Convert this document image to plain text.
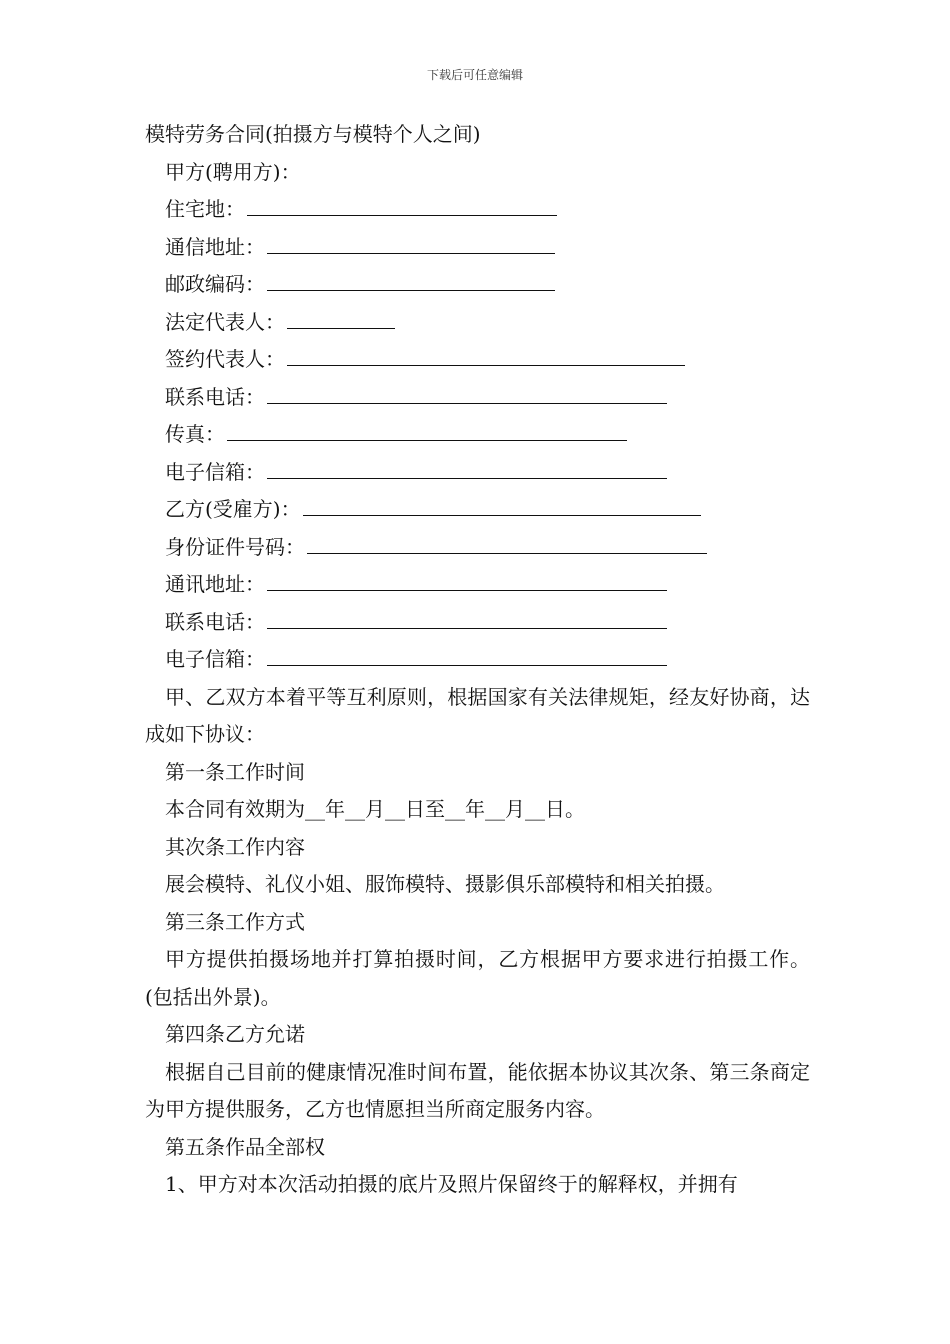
下载后可任意编辑
模特劳务合同(拍摄方与模特个人之间)
甲方(聘用方)：
住宅地：
通信地址：
邮政编码：
法定代表人：
签约代表人：
联系电话：
传真：
电子信箱：
乙方(受雇方)：
身份证件号码：
通讯地址：
联系电话：
电子信箱：
甲、乙双方本着平等互利原则，根据国家有关法律规矩，经友好协商，达成如下协议：
第一条工作时间
本合同有效期为__年__月__日至__年__月__日。
其次条工作内容
展会模特、礼仪小姐、服饰模特、摄影俱乐部模特和相关拍摄。
第三条工作方式
甲方提供拍摄场地并打算拍摄时间，乙方根据甲方要求进行拍摄工作。(包括出外景)。
第四条乙方允诺
根据自己目前的健康情况准时间布置，能依据本协议其次条、第三条商定为甲方提供服务，乙方也情愿担当所商定服务内容。
第五条作品全部权
1、甲方对本次活动拍摄的底片及照片保留终于的解释权，并拥有
